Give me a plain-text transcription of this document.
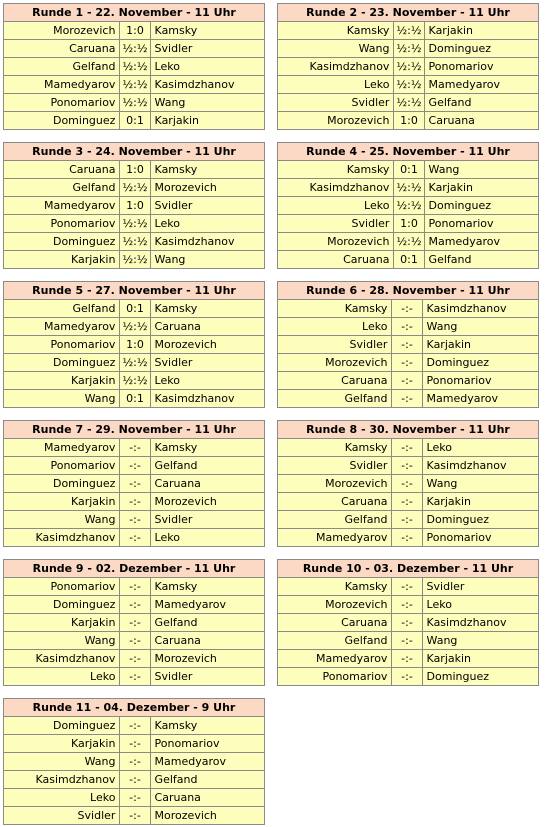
Runde 1 - 22. November - 11 Uhr		
Morozevich	1:0	Kamsky
Caruana	½:½	Svidler
Gelfand	½:½	Leko
Mamedyarov	½:½	Kasimdzhanov
Ponomariov	½:½	Wang
Dominguez	0:1	Karjakin
Runde 2 - 23. November - 11 Uhr		
Kamsky	½:½	Karjakin
Wang	½:½	Dominguez
Kasimdzhanov	½:½	Ponomariov
Leko	½:½	Mamedyarov
Svidler	½:½	Gelfand
Morozevich	1:0	Caruana
Runde 3 - 24. November - 11 Uhr		
Caruana	1:0	Kamsky
Gelfand	½:½	Morozevich
Mamedyarov	1:0	Svidler
Ponomariov	½:½	Leko
Dominguez	½:½	Kasimdzhanov
Karjakin	½:½	Wang
Runde 4 - 25. November - 11 Uhr		
Kamsky	0:1	Wang
Kasimdzhanov	½:½	Karjakin
Leko	½:½	Dominguez
Svidler	1:0	Ponomariov
Morozevich	½:½	Mamedyarov
Caruana	0:1	Gelfand
Runde 5 - 27. November - 11 Uhr		
Gelfand	0:1	Kamsky
Mamedyarov	½:½	Caruana
Ponomariov	1:0	Morozevich
Dominguez	½:½	Svidler
Karjakin	½:½	Leko
Wang	0:1	Kasimdzhanov
Runde 6 - 28. November - 11 Uhr		
Kamsky	-:-	Kasimdzhanov
Leko	-:-	Wang
Svidler	-:-	Karjakin
Morozevich	-:-	Dominguez
Caruana	-:-	Ponomariov
Gelfand	-:-	Mamedyarov
Runde 7 - 29. November - 11 Uhr		
Mamedyarov	-:-	Kamsky
Ponomariov	-:-	Gelfand
Dominguez	-:-	Caruana
Karjakin	-:-	Morozevich
Wang	-:-	Svidler
Kasimdzhanov	-:-	Leko
Runde 8 - 30. November - 11 Uhr		
Kamsky	-:-	Leko
Svidler	-:-	Kasimdzhanov
Morozevich	-:-	Wang
Caruana	-:-	Karjakin
Gelfand	-:-	Dominguez
Mamedyarov	-:-	Ponomariov
Runde 9 - 02. Dezember - 11 Uhr		
Ponomariov	-:-	Kamsky
Dominguez	-:-	Mamedyarov
Karjakin	-:-	Gelfand
Wang	-:-	Caruana
Kasimdzhanov	-:-	Morozevich
Leko	-:-	Svidler
Runde 10 - 03. Dezember - 11 Uhr		
Kamsky	-:-	Svidler
Morozevich	-:-	Leko
Caruana	-:-	Kasimdzhanov
Gelfand	-:-	Wang
Mamedyarov	-:-	Karjakin
Ponomariov	-:-	Dominguez
Runde 11 - 04. Dezember - 9 Uhr		
Dominguez	-:-	Kamsky
Karjakin	-:-	Ponomariov
Wang	-:-	Mamedyarov
Kasimdzhanov	-:-	Gelfand
Leko	-:-	Caruana
Svidler	-:-	Morozevich
